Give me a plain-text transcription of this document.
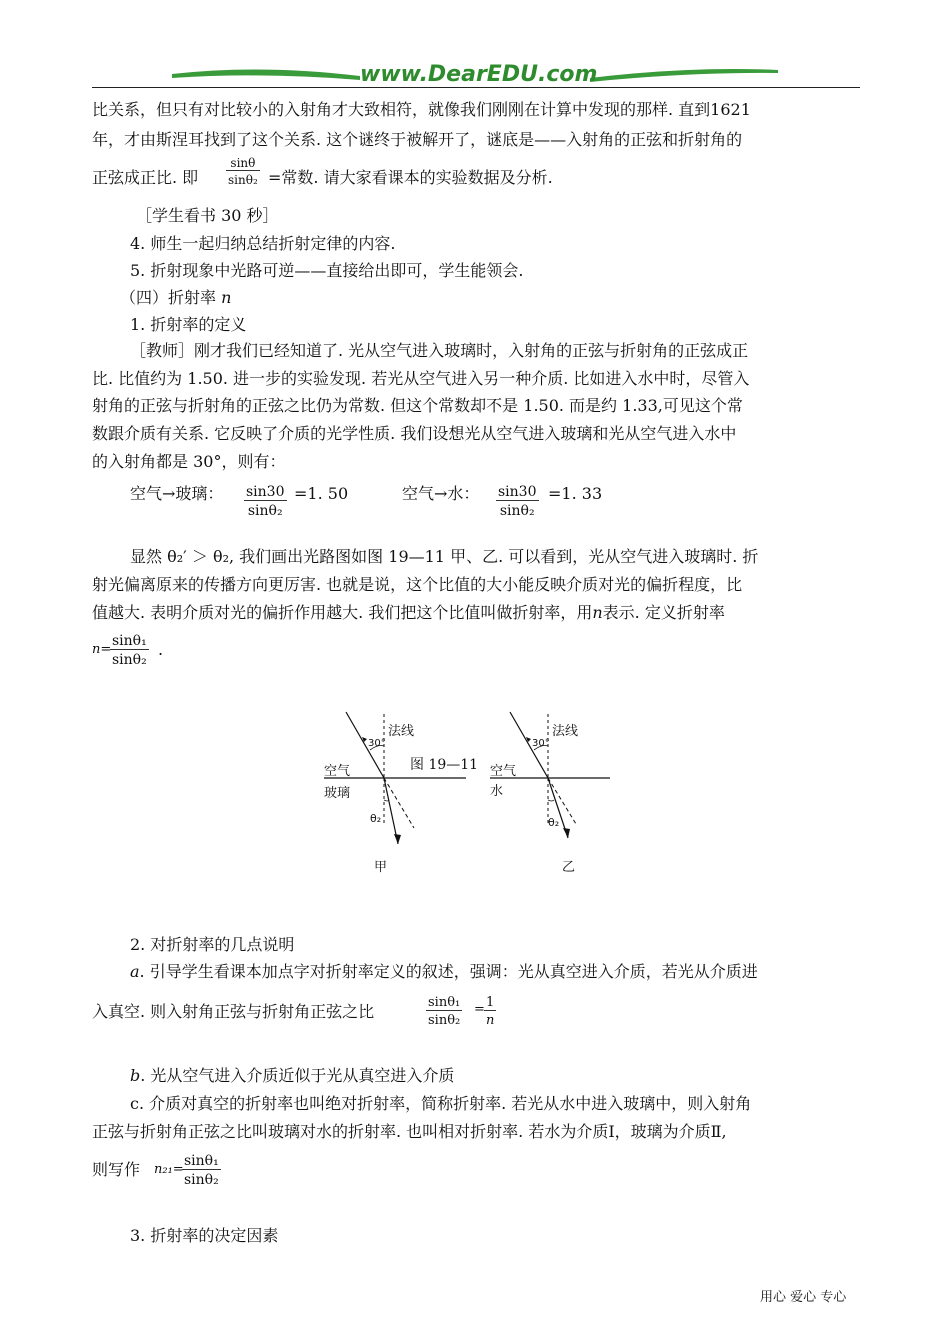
www.DearEDU.com
比关系，但只有对比较小的入射角才大致相符，就像我们刚刚在计算中发现的那样. 直到1621
年，才由斯涅耳找到了这个关系. 这个谜终于被解开了，谜底是——入射角的正弦和折射角的
正弦成正比. 即 $\frac{\sin\theta}{\text{sinθ₂}}$ =常数. 请大家看课本的实验数据及分析.
［学生看书 30 秒］
4. 师生一起归纳总结折射定律的内容.
5. 折射现象中光路可逆——直接给出即可，学生能领会.
（四）折射率 n
1. 折射率的定义
［教师］刚才我们已经知道了. 光从空气进入玻璃时，入射角的正弦与折射角的正弦成正
比. 比值约为 1.50. 进一步的实验发现. 若光从空气进入另一种介质. 比如进入水中时，尽管入
射角的正弦与折射角的正弦之比仍为常数. 但这个常数却不是 1.50. 而是约 1.33,可见这个常
数跟介质有关系. 它反映了介质的光学性质. 我们设想光从空气进入玻璃和光从空气进入水中
的入射角都是 30°，则有：
空气→玻璃： $\frac{\sin 30}{\text{sinθ₂}} =1$. 50	空气→水： $\frac{\sin 30}{\text{sinθ₂}} =1$. 33
显然 θ₂′ ＞ θ₂, 我们画出光路图如图 19—11 甲、乙. 可以看到，光从空气进入玻璃时. 折
射光偏离原来的传播方向更厉害. 也就是说，这个比值的大小能反映介质对光的偏折程度，比
值越大. 表明介质对光的偏折作用越大. 我们把这个比值叫做折射率，用n表示. 定义折射率
n=
$\frac{\text{sinθ₁}}{\text{sinθ₂}}$ .
法线
30°
空气
玻璃
θ₂
甲
图 19—11
法线
30°
空气
水
θ₂
乙
2. 对折射率的几点说明
a. 引导学生看课本加点字对折射率定义的叙述，强调：光从真空进入介质，若光从介质进
入真空. 则入射角正弦与折射角正弦之比	$\frac{\text{sinθ₁}}{\text{sinθ₂}} = \frac{1}{n}$
b. 光从空气进入介质近似于光从真空进入介质
c. 介质对真空的折射率也叫绝对折射率，简称折射率. 若光从水中进入玻璃中，则入射角
正弦与折射角正弦之比叫玻璃对水的折射率. 也叫相对折射率. 若水为介质Ⅰ，玻璃为介质Ⅱ,
则写作 n₂₁=
$\frac{\text{sinθ₁}}{\text{sinθ₂}}$
3. 折射率的决定因素
用心 爱心 专心
